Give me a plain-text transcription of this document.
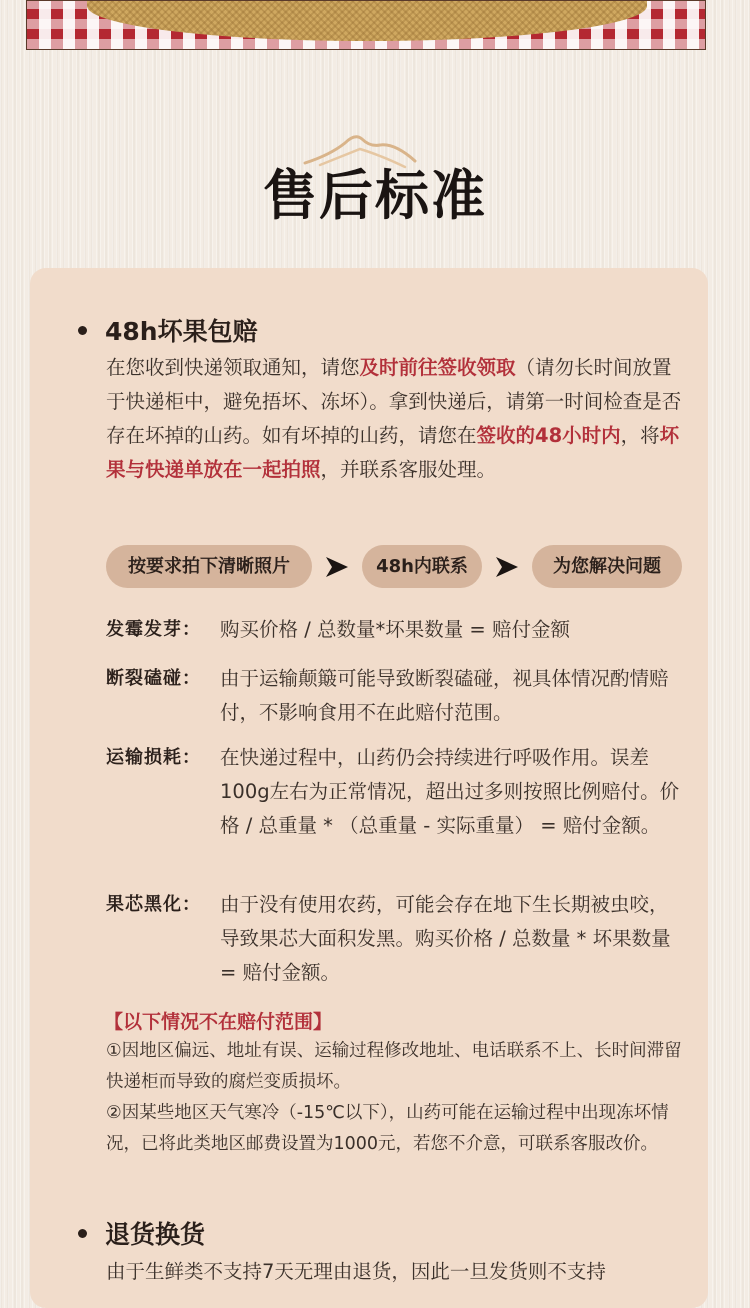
售后标准
48h坏果包赔
在您收到快递领取通知，请您及时前往签收领取（请勿长时间放置于快递柜中，避免捂坏、冻坏）。拿到快递后，请第一时间检查是否存在坏掉的山药。如有坏掉的山药，请您在签收的48小时内，将坏果与快递单放在一起拍照，并联系客服处理。
按要求拍下清晰照片	48h内联系	为您解决问题
发霉发芽： 购买价格 / 总数量*坏果数量 = 赔付金额
断裂磕碰： 由于运输颠簸可能导致断裂磕碰，视具体情况酌情赔付，不影响食用不在此赔付范围。
运输损耗： 在快递过程中，山药仍会持续进行呼吸作用。误差100g左右为正常情况，超出过多则按照比例赔付。价格 / 总重量 * （总重量 - 实际重量） = 赔付金额。
果芯黑化： 由于没有使用农药，可能会存在地下生长期被虫咬，导致果芯大面积发黑。购买价格 / 总数量 * 坏果数量 = 赔付金额。
【以下情况不在赔付范围】
①因地区偏远、地址有误、运输过程修改地址、电话联系不上、长时间滞留快递柜而导致的腐烂变质损坏。
②因某些地区天气寒冷（-15℃以下），山药可能在运输过程中出现冻坏情况，已将此类地区邮费设置为1000元，若您不介意，可联系客服改价。
退货换货
由于生鲜类不支持7天无理由退货，因此一旦发货则不支持
